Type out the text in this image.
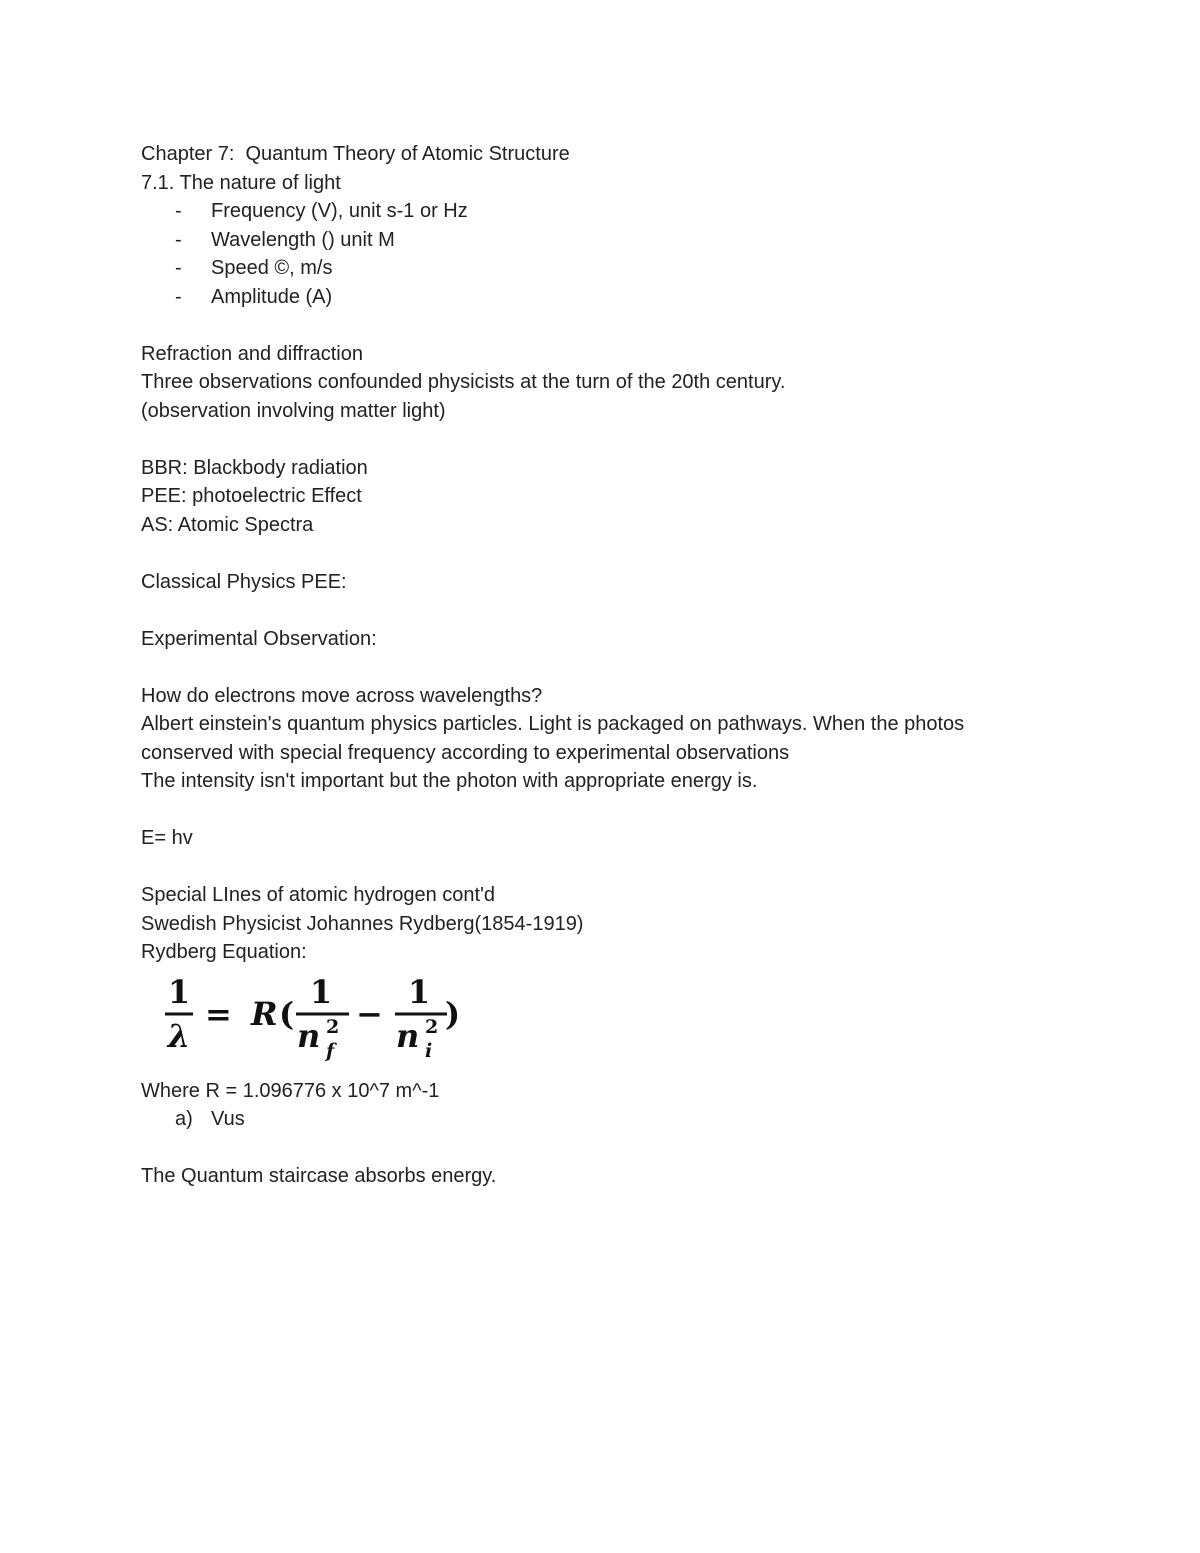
Chapter 7:  Quantum Theory of Atomic Structure
7.1. The nature of light
- Frequency (V), unit s-1 or Hz
- Wavelength () unit M
- Speed ©, m/s
- Amplitude (A)
Refraction and diffraction
Three observations confounded physicists at the turn of the 20th century.
(observation involving matter light)
BBR: Blackbody radiation
PEE: photoelectric Effect
AS: Atomic Spectra
Classical Physics PEE:
Experimental Observation:
How do electrons move across wavelengths?
Albert einstein's quantum physics particles. Light is packaged on pathways. When the photos
conserved with special frequency according to experimental observations
The intensity isn't important but the photon with appropriate energy is.
E= hv
Special LInes of atomic hydrogen cont'd
Swedish Physicist Johannes Rydberg(1854-1919)
Rydberg Equation:
1
λ
= R (
1
n 2
f
−
1
n 2
i
)
Where R = 1.096776 x 10^7 m^-1
a) Vus
The Quantum staircase absorbs energy.
